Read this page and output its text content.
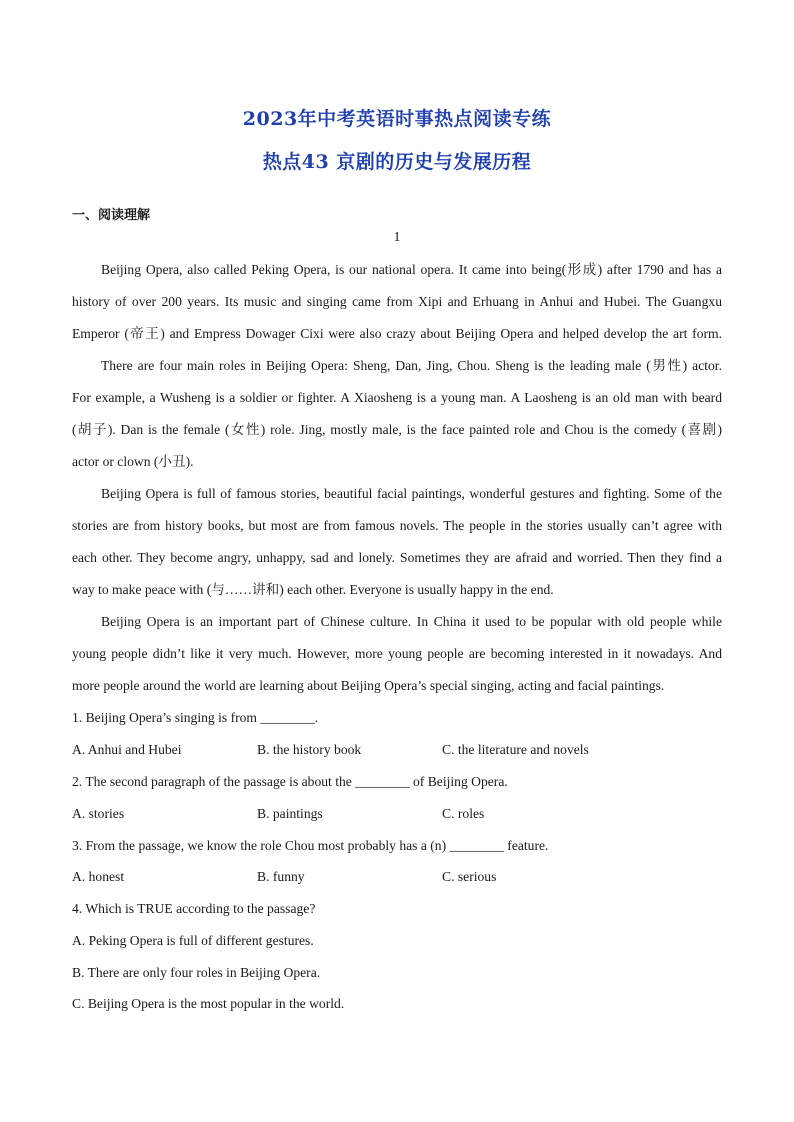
2023年中考英语时事热点阅读专练
热点43 京剧的历史与发展历程
一、阅读理解
1
Beijing Opera, also called Peking Opera, is our national opera. It came into being(形成) after 1790 and has a
history of over 200 years. Its music and singing came from Xipi and Erhuang in Anhui and Hubei. The Guangxu
Emperor (帝王) and Empress Dowager Cixi were also crazy about Beijing Opera and helped develop the art form.
There are four main roles in Beijing Opera: Sheng, Dan, Jing, Chou. Sheng is the leading male (男性) actor.
For example, a Wusheng is a soldier or fighter. A Xiaosheng is a young man. A Laosheng is an old man with beard
(胡子). Dan is the female (女性) role. Jing, mostly male, is the face painted role and Chou is the comedy (喜剧)
actor or clown (小丑).
Beijing Opera is full of famous stories, beautiful facial paintings, wonderful gestures and fighting. Some of the
stories are from history books, but most are from famous novels. The people in the stories usually can’t agree with
each other. They become angry, unhappy, sad and lonely. Sometimes they are afraid and worried. Then they find a
way to make peace with (与……讲和) each other. Everyone is usually happy in the end.
Beijing Opera is an important part of Chinese culture. In China it used to be popular with old people while
young people didn’t like it very much. However, more young people are becoming interested in it nowadays. And
more people around the world are learning about Beijing Opera’s special singing, acting and facial paintings.
1. Beijing Opera’s singing is from ________.
A. Anhui and Hubei	B. the history book	C. the literature and novels
2. The second paragraph of the passage is about the ________ of Beijing Opera.
A. stories	B. paintings	C. roles
3. From the passage, we know the role Chou most probably has a (n) ________ feature.
A. honest	B. funny	C. serious
4. Which is TRUE according to the passage?
A. Peking Opera is full of different gestures.
B. There are only four roles in Beijing Opera.
C. Beijing Opera is the most popular in the world.
